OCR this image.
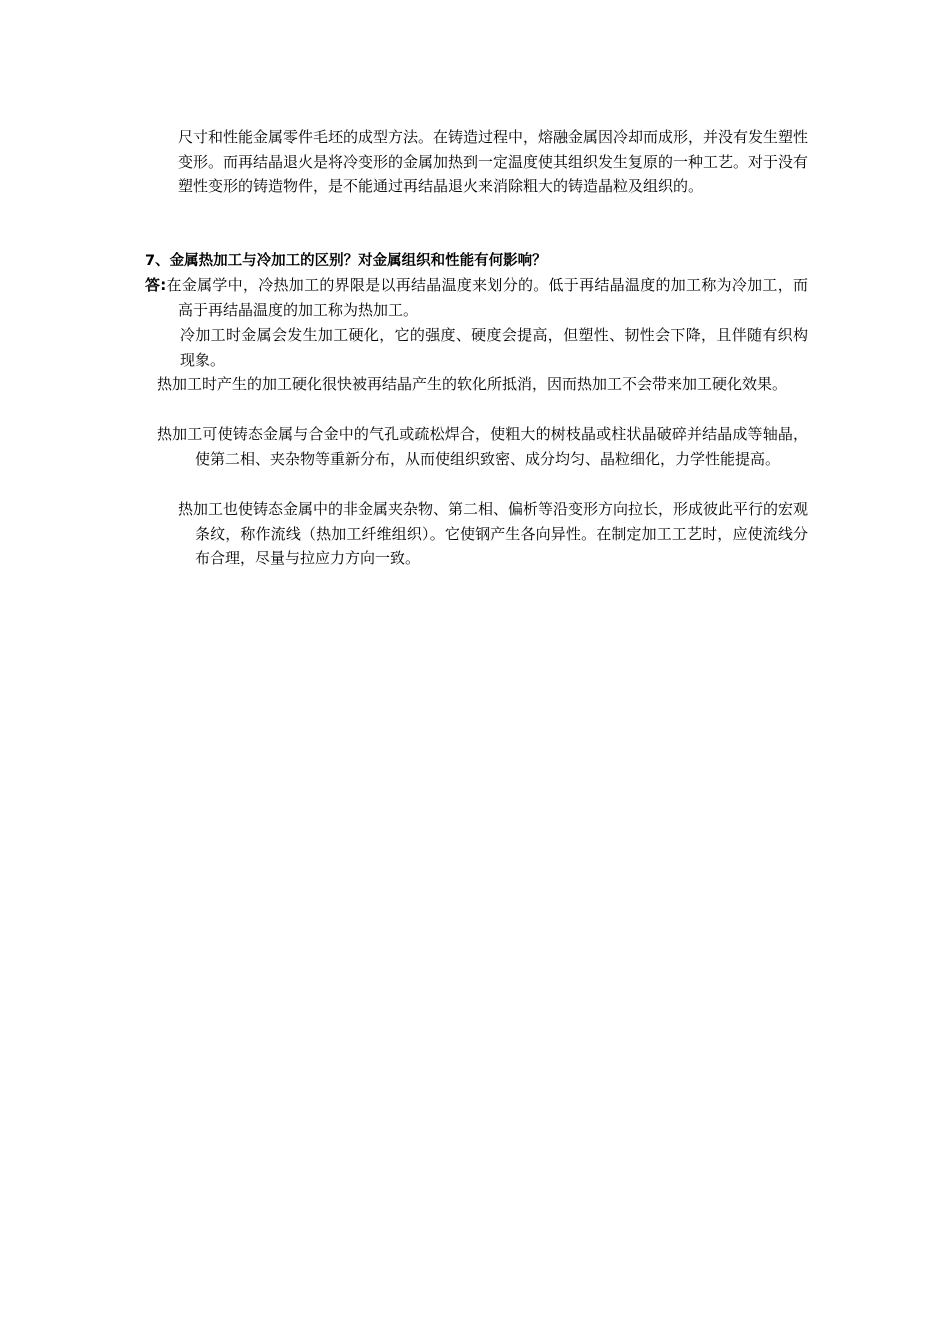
尺寸和性能金属零件毛坯的成型方法。在铸造过程中，熔融金属因冷却而成形，并没有发生塑性变形。而再结晶退火是将冷变形的金属加热到一定温度使其组织发生复原的一种工艺。对于没有塑性变形的铸造物件，是不能通过再结晶退火来消除粗大的铸造晶粒及组织的。

7、金属热加工与冷加工的区别？对金属组织和性能有何影响？

答:在金属学中，冷热加工的界限是以再结晶温度来划分的。低于再结晶温度的加工称为冷加工，而高于再结晶温度的加工称为热加工。

冷加工时金属会发生加工硬化，它的强度、硬度会提高，但塑性、韧性会下降，且伴随有织构现象。

热加工时产生的加工硬化很快被再结晶产生的软化所抵消，因而热加工不会带来加工硬化效果。

热加工可使铸态金属与合金中的气孔或疏松焊合，使粗大的树枝晶或柱状晶破碎并结晶成等轴晶，使第二相、夹杂物等重新分布，从而使组织致密、成分均匀、晶粒细化，力学性能提高。

热加工也使铸态金属中的非金属夹杂物、第二相、偏析等沿变形方向拉长，形成彼此平行的宏观条纹，称作流线（热加工纤维组织）。它使钢产生各向异性。在制定加工工艺时，应使流线分布合理，尽量与拉应力方向一致。
